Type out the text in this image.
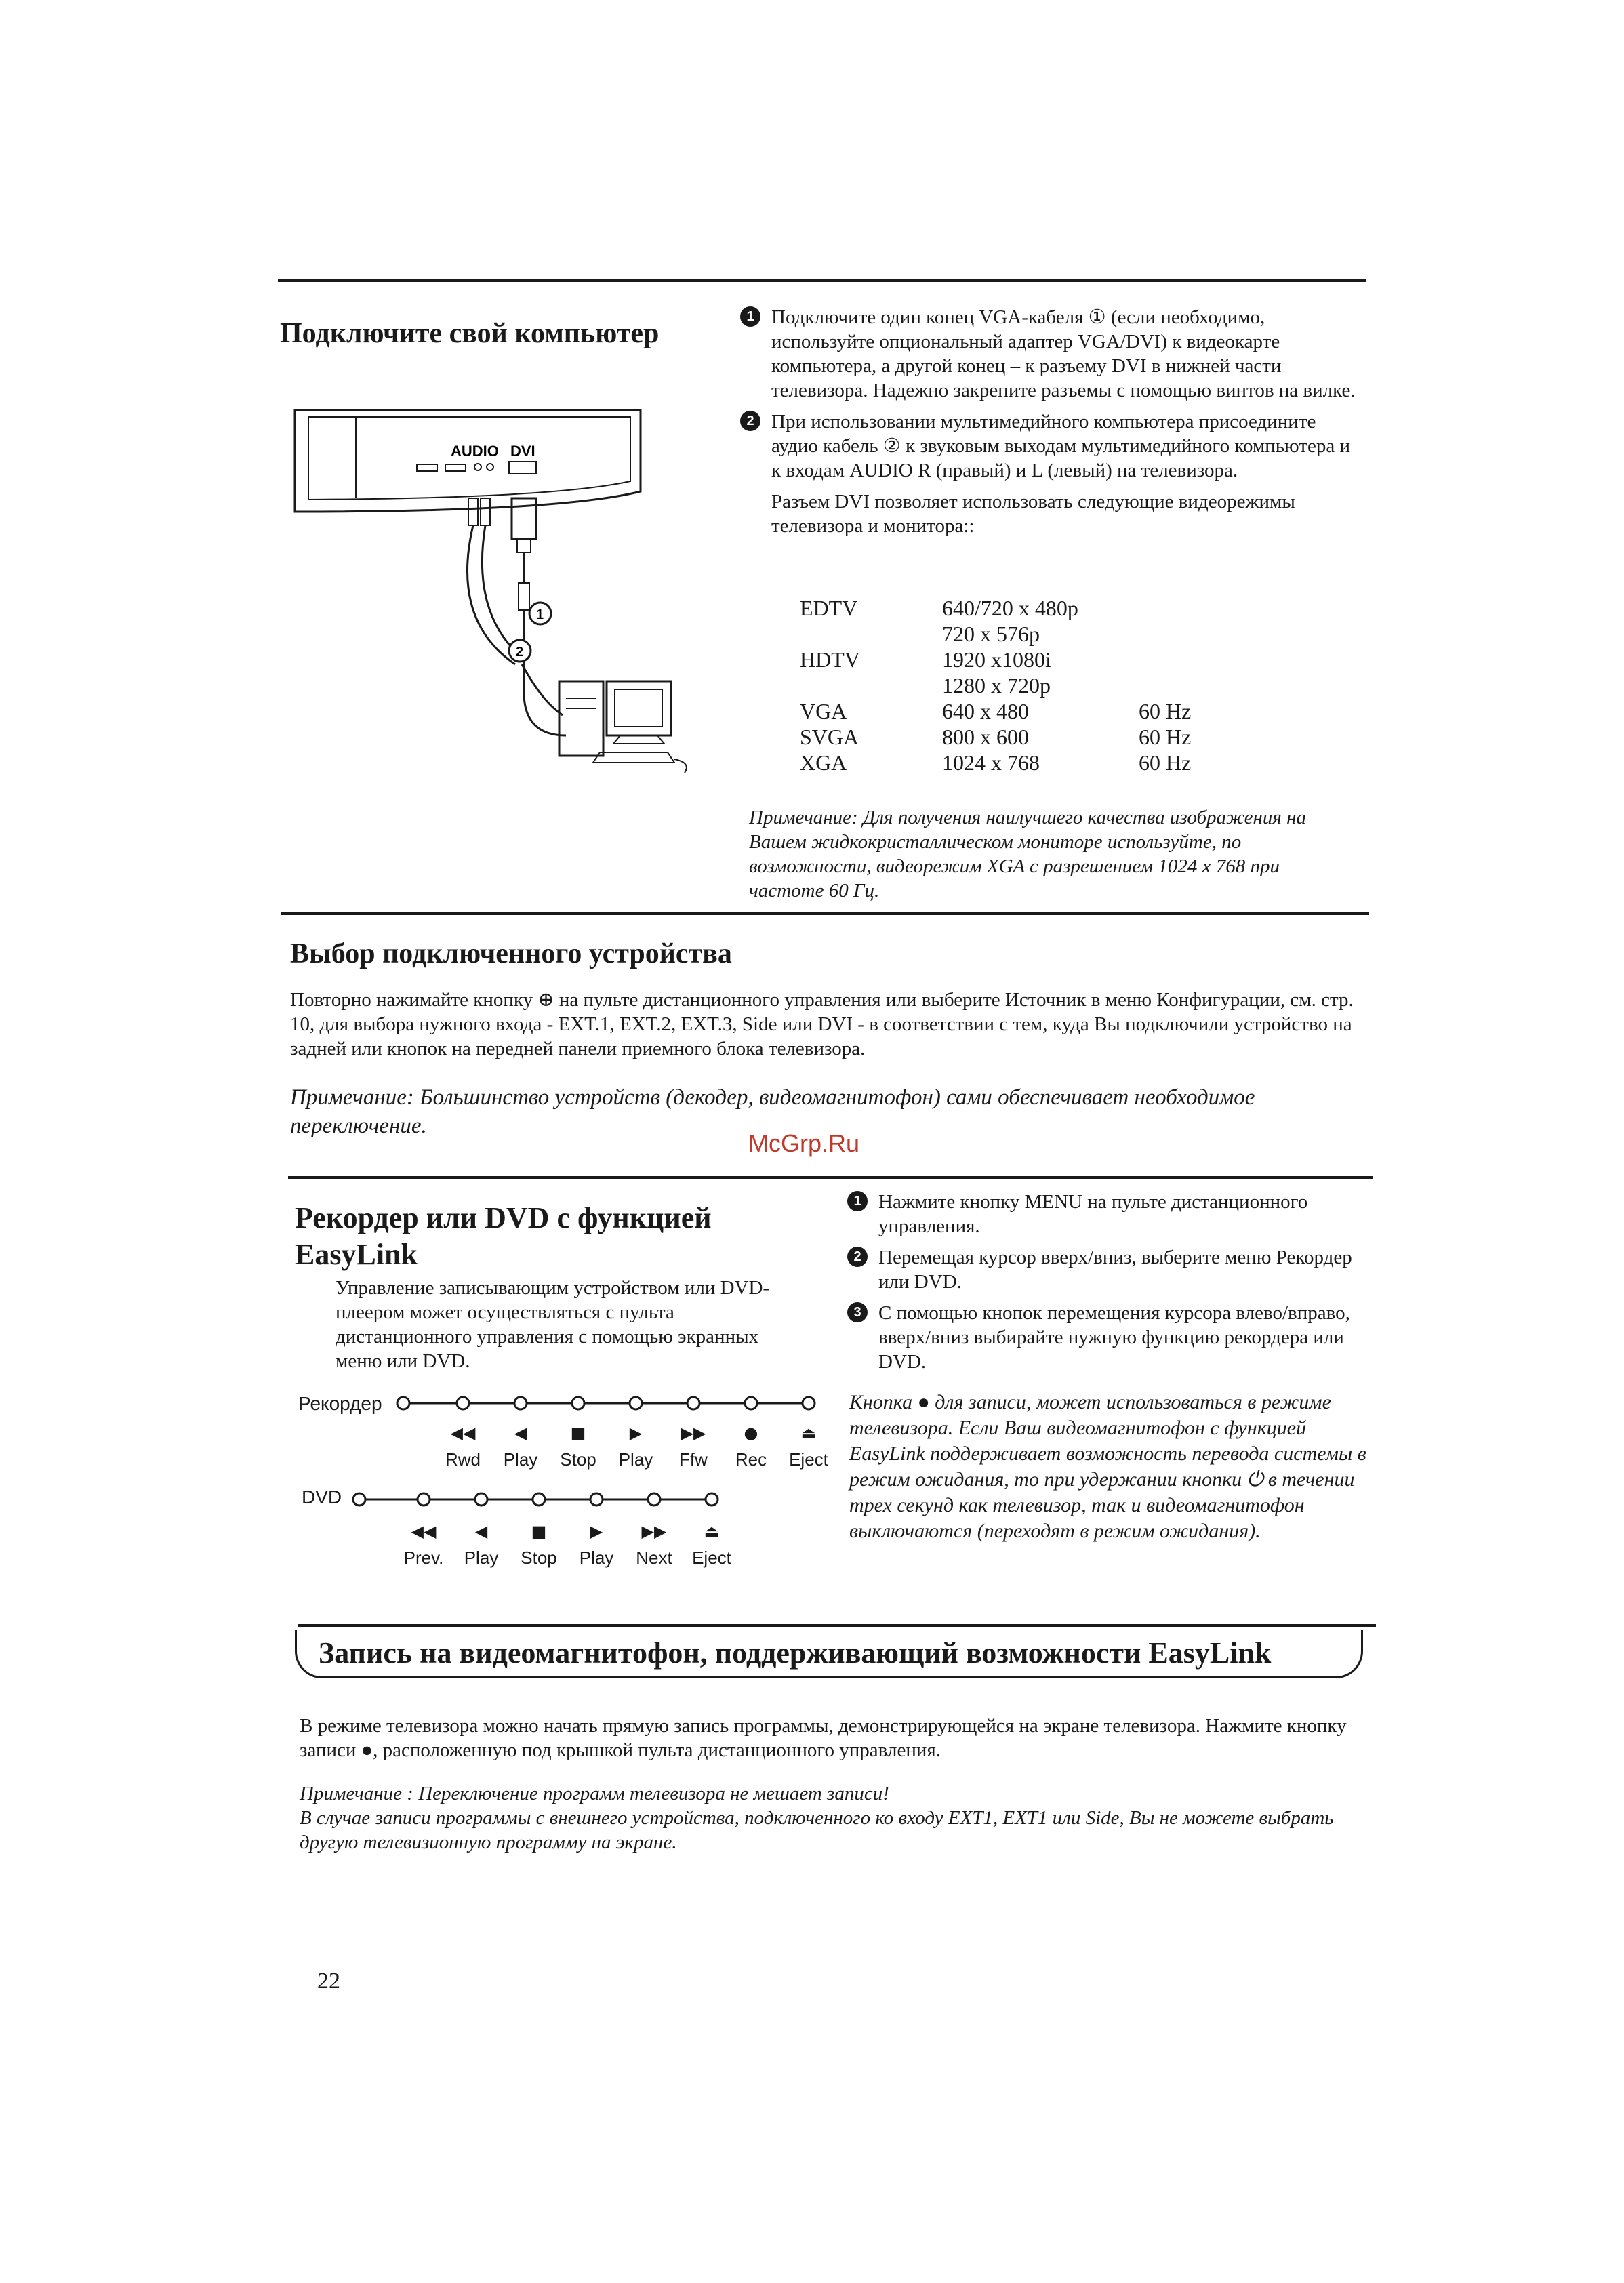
Подключите свой компьютер
AUDIO DVI
1
2
1 Подключите один конец VGA-кабеля ① (если необходимо, используйте опциональный адаптер VGA/DVI) к видеокарте компьютера, а другой конец – к разъему DVI в нижней части телевизора. Надежно закрепите разъемы с помощью винтов на вилке.
2 При использовании мультимедийного компьютера присоедините аудио кабель ② к звуковым выходам мультимедийного компьютера и к входам AUDIO R (правый) и L (левый) на телевизора.
Разъем DVI позволяет использовать следующие видеорежимы телевизора и монитора::
EDTV	640/720 x 480p	
	720 x 576p	
HDTV	1920 x1080i	
	1280 x 720p	
VGA	640 x 480	60 Hz
SVGA	800 x 600	60 Hz
XGA	1024 x 768	60 Hz
Примечание: Для получения наилучшего качества изображения на Вашем жидкокристаллическом мониторе используйте, по возможности, видеорежим XGA с разрешением 1024 x 768 при частоте 60 Гц.
Выбор подключенного устройства
Повторно нажимайте кнопку ⊕ на пульте дистанционного управления или выберите Источник в меню Конфигурации, см. стр. 10, для выбора нужного входа - EXT.1, EXT.2, EXT.3, Side или DVI - в соответствии с тем, куда Вы подключили устройство на задней или кнопок на передней панели приемного блока телевизора.
Примечание: Большинство устройств (декодер, видеомагнитофон) сами обеспечивает необходимое переключение.
McGrp.Ru
Рекордер или DVD с функцией
EasyLink
Управление записывающим устройством или DVD-плеером может осуществляться с пульта дистанционного управления с помощью экранных меню или DVD.
1 Нажмите кнопку MENU на пульте дистанционного управления.
2 Перемещая курсор вверх/вниз, выберите меню Рекордер или DVD.
3 С помощью кнопок перемещения курсора влево/вправо, вверх/вниз выбирайте нужную функцию рекордера или DVD.
Рекордер
DVD
◀◀
Rwd
◀
Play
■
Stop
▶
Play
▶▶
Ffw
●
Rec
⏏
Eject
◀◀
Prev.
◀
Play
■
Stop
▶
Play
▶▶
Next
⏏
Eject
Кнопка ● для записи, может использоваться в режиме телевизора. Если Ваш видеомагнитофон с функцией EasyLink поддерживает возможность перевода системы в режим ожидания, то при удержании кнопки ⏻ в течении трех секунд как телевизор, так и видеомагнитофон выключаются (переходят в режим ожидания).
Запись на видеомагнитофон, поддерживающий возможности EasyLink
В режиме телевизора можно начать прямую запись программы, демонстрирующейся на экране телевизора. Нажмите кнопку записи ●, расположенную под крышкой пульта дистанционного управления.
Примечание : Переключение программ телевизора не мешает записи!
В случае записи программы с внешнего устройства, подключенного ко входу EXT1, EXT1 или Side, Вы не можете выбрать другую телевизионную программу на экране.
22
